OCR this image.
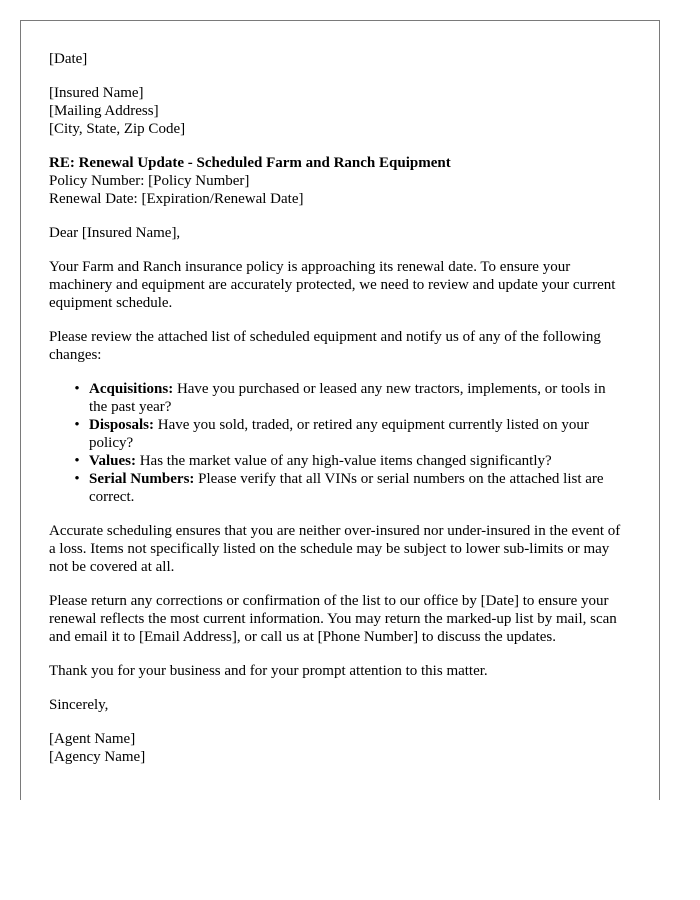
[Date]

[Insured Name]
[Mailing Address]
[City, State, Zip Code]

RE: Renewal Update - Scheduled Farm and Ranch Equipment
Policy Number: [Policy Number]
Renewal Date: [Expiration/Renewal Date]

Dear [Insured Name],

Your Farm and Ranch insurance policy is approaching its renewal date. To ensure your machinery and equipment are accurately protected, we need to review and update your current equipment schedule.

Please review the attached list of scheduled equipment and notify us of any of the following changes:

• Acquisitions: Have you purchased or leased any new tractors, implements, or tools in the past year?
• Disposals: Have you sold, traded, or retired any equipment currently listed on your policy?
• Values: Has the market value of any high-value items changed significantly?
• Serial Numbers: Please verify that all VINs or serial numbers on the attached list are correct.

Accurate scheduling ensures that you are neither over-insured nor under-insured in the event of a loss. Items not specifically listed on the schedule may be subject to lower sub-limits or may not be covered at all.

Please return any corrections or confirmation of the list to our office by [Date] to ensure your renewal reflects the most current information. You may return the marked-up list by mail, scan and email it to [Email Address], or call us at [Phone Number] to discuss the updates.

Thank you for your business and for your prompt attention to this matter.

Sincerely,

[Agent Name]
[Agency Name]
